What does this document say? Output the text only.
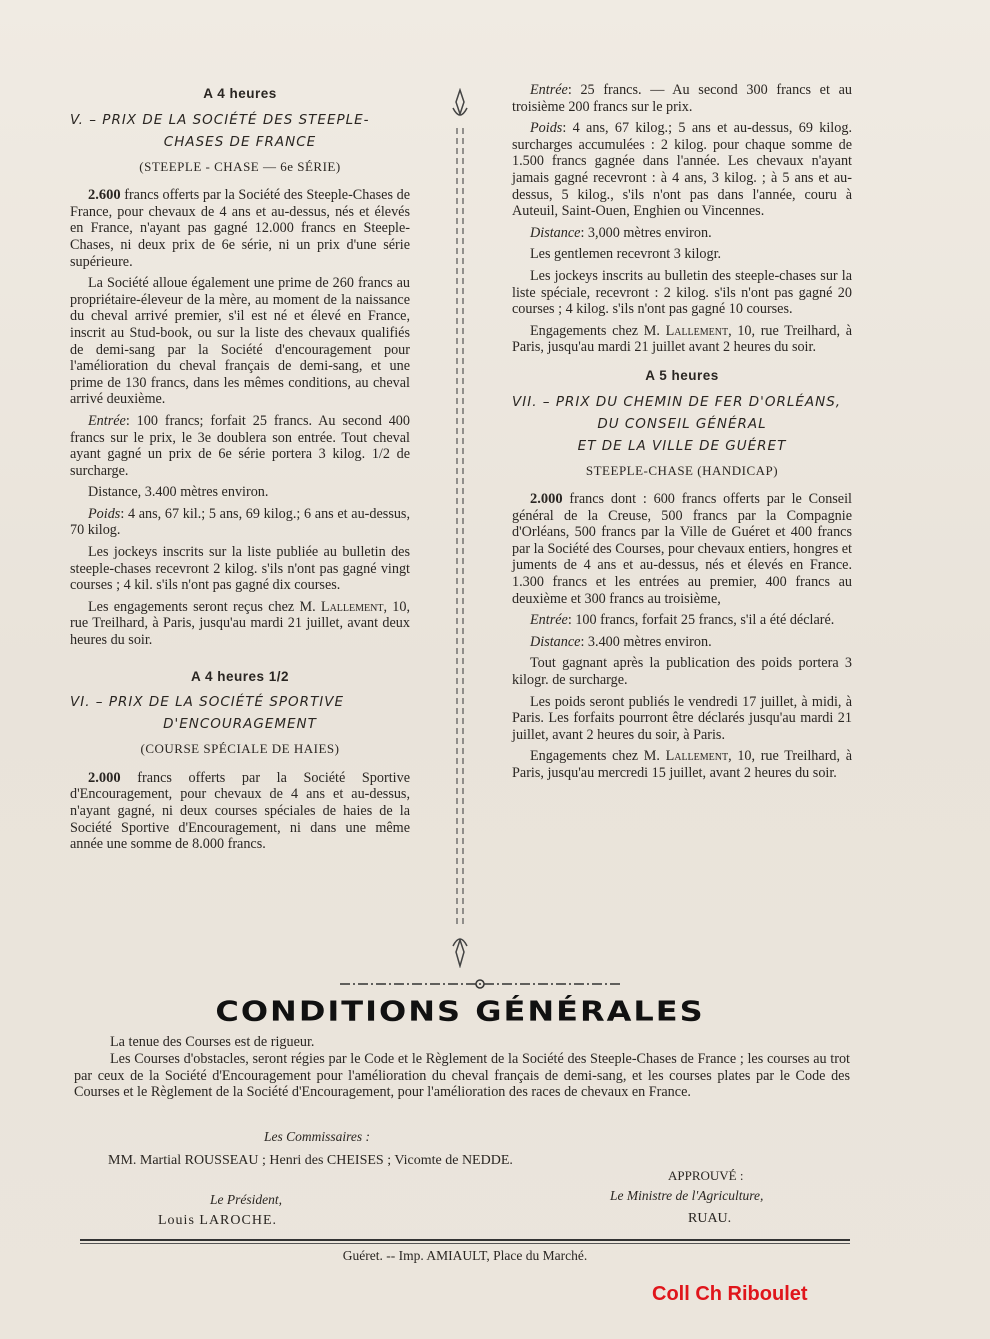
A 4 heures
V. – PRIX DE LA SOCIÉTÉ DES STEEPLE-
CHASES DE FRANCE
(STEEPLE - CHASE — 6e SÉRIE)

2.600 francs offerts par la Société des Steeple-Chases de France, pour chevaux de 4 ans et au-dessus, nés et élevés en France, n'ayant pas gagné 12.000 francs en Steeple-Chases, ni deux prix de 6e série, ni un prix d'une série supérieure.

La Société alloue également une prime de 260 francs au propriétaire-éleveur de la mère, au moment de la naissance du cheval arrivé premier, s'il est né et élevé en France, inscrit au Stud-book, ou sur la liste des chevaux qualifiés de demi-sang par la Société d'encouragement pour l'amélioration du cheval français de demi-sang, et une prime de 130 francs, dans les mêmes conditions, au cheval arrivé deuxième.

Entrée: 100 francs; forfait 25 francs. Au second 400 francs sur le prix, le 3e doublera son entrée. Tout cheval ayant gagné un prix de 6e série portera 3 kilog. 1/2 de surcharge.

Distance, 3.400 mètres environ.

Poids: 4 ans, 67 kil.; 5 ans, 69 kilog.; 6 ans et au-dessus, 70 kilog.

Les jockeys inscrits sur la liste publiée au bulletin des steeple-chases recevront 2 kilog. s'ils n'ont pas gagné vingt courses ; 4 kil. s'ils n'ont pas gagné dix courses.

Les engagements seront reçus chez M. Lallement, 10, rue Treilhard, à Paris, jusqu'au mardi 21 juillet, avant deux heures du soir.

A 4 heures 1/2
VI. – PRIX DE LA SOCIÉTÉ SPORTIVE
D'ENCOURAGEMENT
(COURSE SPÉCIALE DE HAIES)

2.000 francs offerts par la Société Sportive d'Encouragement, pour chevaux de 4 ans et au-dessus, n'ayant gagné, ni deux courses spéciales de haies de la Société Sportive d'Encouragement, ni dans une même année une somme de 8.000 francs.

Entrée: 25 francs. — Au second 300 francs et au troisième 200 francs sur le prix.

Poids: 4 ans, 67 kilog.; 5 ans et au-dessus, 69 kilog. surcharges accumulées : 2 kilog. pour chaque somme de 1.500 francs gagnée dans l'année. Les chevaux n'ayant jamais gagné recevront : à 4 ans, 3 kilog. ; à 5 ans et au-dessus, 5 kilog., s'ils n'ont pas dans l'année, couru à Auteuil, Saint-Ouen, Enghien ou Vincennes.

Distance: 3,000 mètres environ.

Les gentlemen recevront 3 kilogr.

Les jockeys inscrits au bulletin des steeple-chases sur la liste spéciale, recevront : 2 kilog. s'ils n'ont pas gagné 20 courses ; 4 kilog. s'ils n'ont pas gagné 10 courses.

Engagements chez M. Lallement, 10, rue Treilhard, à Paris, jusqu'au mardi 21 juillet avant 2 heures du soir.

A 5 heures
VII. – PRIX DU CHEMIN DE FER D'ORLÉANS,
DU CONSEIL GÉNÉRAL
ET DE LA VILLE DE GUÉRET
STEEPLE-CHASE (HANDICAP)

2.000 francs dont : 600 francs offerts par le Conseil général de la Creuse, 500 francs par la Compagnie d'Orléans, 500 francs par la Ville de Guéret et 400 francs par la Société des Courses, pour chevaux entiers, hongres et juments de 4 ans et au-dessus, nés et élevés en France. 1.300 francs et les entrées au premier, 400 francs au deuxième et 300 francs au troisième,

Entrée: 100 francs, forfait 25 francs, s'il a été déclaré.

Distance: 3.400 mètres environ.

Tout gagnant après la publication des poids portera 3 kilogr. de surcharge.

Les poids seront publiés le vendredi 17 juillet, à midi, à Paris. Les forfaits pourront être déclarés jusqu'au mardi 21 juillet, avant 2 heures du soir, à Paris.

Engagements chez M. Lallement, 10, rue Treilhard, à Paris, jusqu'au mercredi 15 juillet, avant 2 heures du soir.

CONDITIONS GÉNÉRALES

La tenue des Courses est de rigueur.

Les Courses d'obstacles, seront régies par le Code et le Règlement de la Société des Steeple-Chases de France ; les courses au trot par ceux de la Société d'Encouragement pour l'amélioration du cheval français de demi-sang, et les courses plates par le Code des Courses et le Règlement de la Société d'Encouragement, pour l'amélioration des races de chevaux en France.

Les Commissaires :
MM. Martial ROUSSEAU ; Henri des CHEISES ; Vicomte de NEDDE.
APPROUVÉ :
Le Président,	Le Ministre de l'Agriculture,
Louis LAROCHE.	RUAU.
Guéret. -- Imp. AMIAULT, Place du Marché.
Coll Ch Riboulet
